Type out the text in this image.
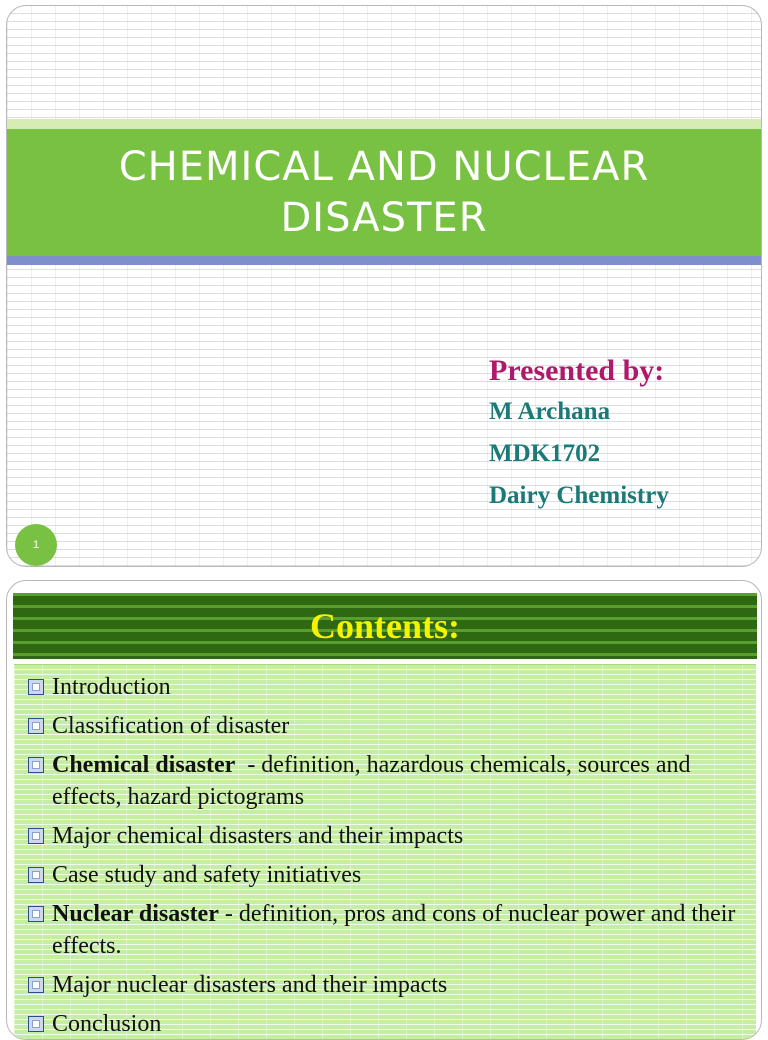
CHEMICAL AND NUCLEAR DISASTER
Presented by:
M Archana
MDK1702
Dairy Chemistry
1
Contents:
Introduction
Classification of disaster
Chemical disaster  - definition, hazardous chemicals, sources and effects, hazard pictograms
Major chemical disasters and their impacts
Case study and safety initiatives
Nuclear disaster - definition, pros and cons of nuclear power and their effects.
Major nuclear disasters and their impacts
Conclusion
